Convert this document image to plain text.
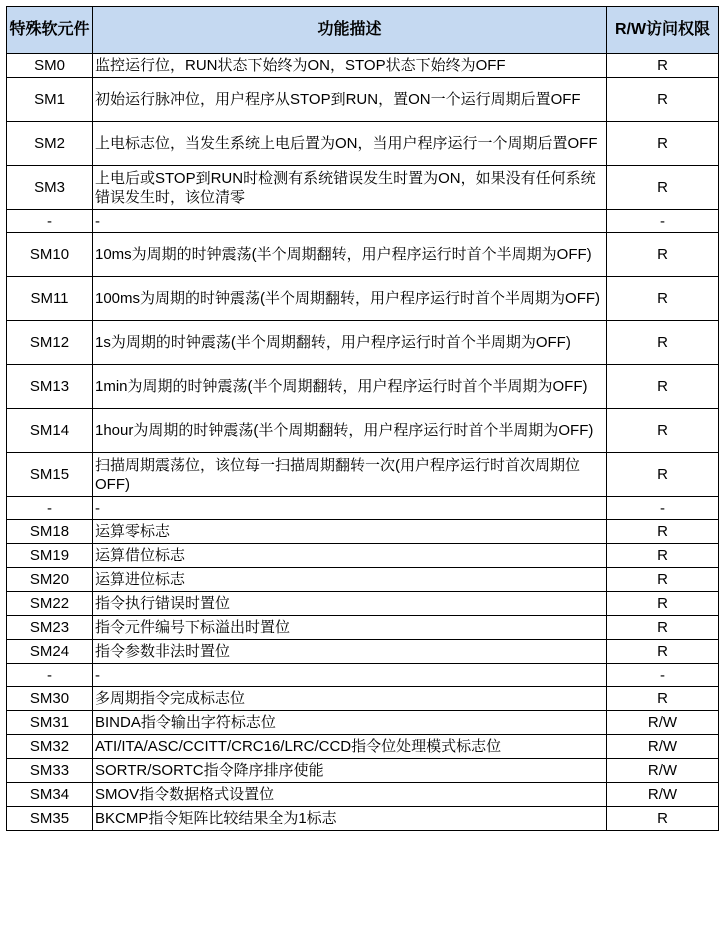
特殊软元件	功能描述	R/W访问权限
SM0	监控运行位，RUN状态下始终为ON，STOP状态下始终为OFF	R
SM1	初始运行脉冲位，用户程序从STOP到RUN，置ON一个运行周期后置OFF	R
SM2	上电标志位，当发生系统上电后置为ON，当用户程序运行一个周期后置OFF	R
SM3	上电后或STOP到RUN时检测有系统错误发生时置为ON，如果没有任何系统错误发生时，该位清零	R
-	-	-
SM10	10ms为周期的时钟震荡(半个周期翻转，用户程序运行时首个半周期为OFF)	R
SM11	100ms为周期的时钟震荡(半个周期翻转，用户程序运行时首个半周期为OFF)	R
SM12	1s为周期的时钟震荡(半个周期翻转，用户程序运行时首个半周期为OFF)	R
SM13	1min为周期的时钟震荡(半个周期翻转，用户程序运行时首个半周期为OFF)	R
SM14	1hour为周期的时钟震荡(半个周期翻转，用户程序运行时首个半周期为OFF)	R
SM15	扫描周期震荡位，该位每一扫描周期翻转一次(用户程序运行时首次周期位OFF)	R
-	-	-
SM18	运算零标志	R
SM19	运算借位标志	R
SM20	运算进位标志	R
SM22	指令执行错误时置位	R
SM23	指令元件编号下标溢出时置位	R
SM24	指令参数非法时置位	R
-	-	-
SM30	多周期指令完成标志位	R
SM31	BINDA指令输出字符标志位	R/W
SM32	ATI/ITA/ASC/CCITT/CRC16/LRC/CCD指令位处理模式标志位	R/W
SM33	SORTR/SORTC指令降序排序使能	R/W
SM34	SMOV指令数据格式设置位	R/W
SM35	BKCMP指令矩阵比较结果全为1标志	R
